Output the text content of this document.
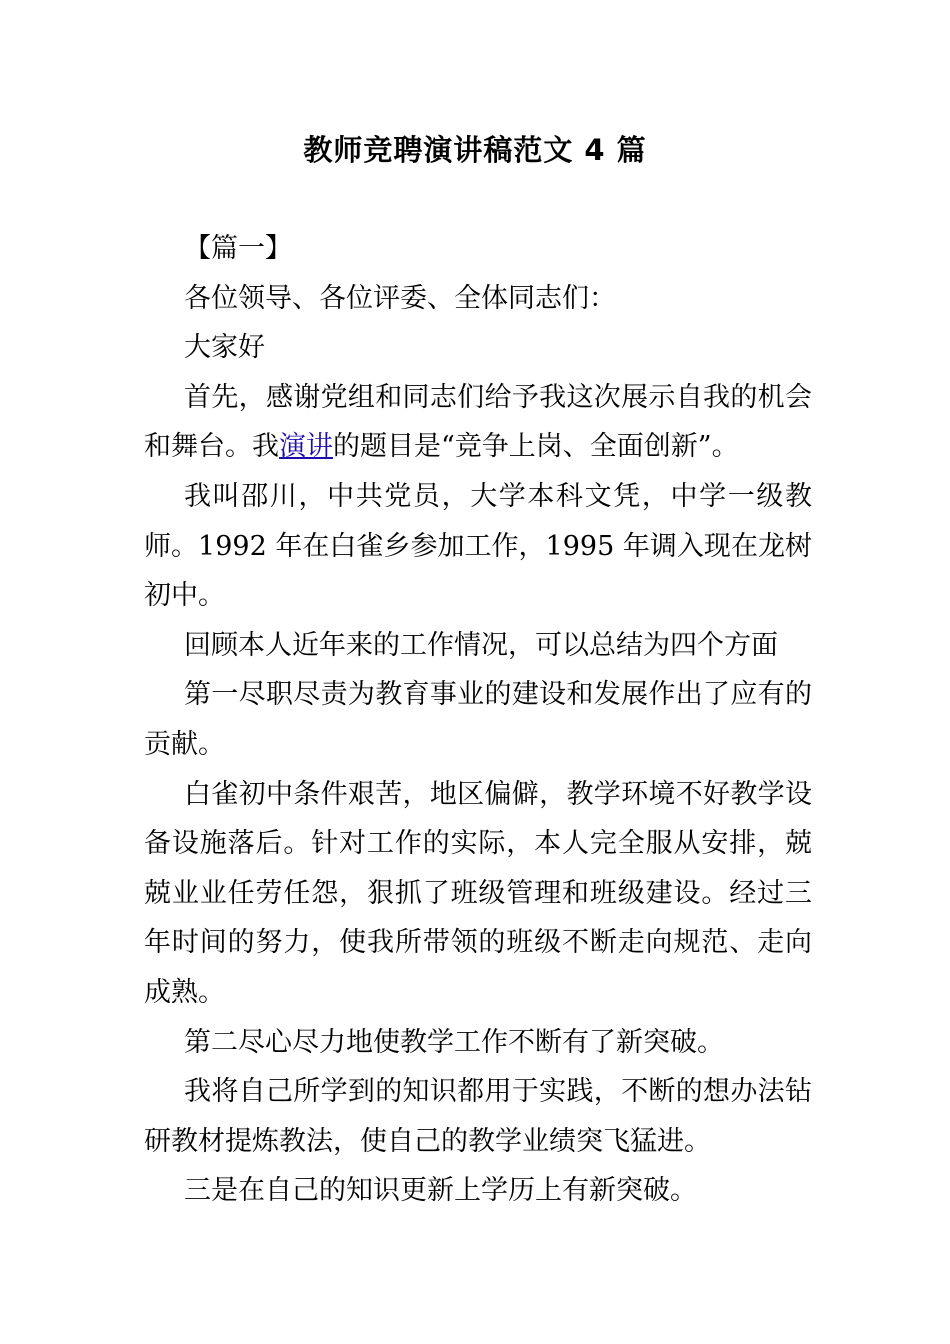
教师竞聘演讲稿范文 4 篇

【篇一】

各位领导、各位评委、全体同志们：

大家好

首先，感谢党组和同志们给予我这次展示自我的机会和舞台。我演讲的题目是“竞争上岗、全面创新”。

我叫邵川，中共党员，大学本科文凭，中学一级教师。1992 年在白雀乡参加工作，1995 年调入现在龙树初中。

回顾本人近年来的工作情况，可以总结为四个方面

第一尽职尽责为教育事业的建设和发展作出了应有的贡献。

白雀初中条件艰苦，地区偏僻，教学环境不好教学设备设施落后。针对工作的实际，本人完全服从安排，兢兢业业任劳任怨，狠抓了班级管理和班级建设。经过三年时间的努力，使我所带领的班级不断走向规范、走向成熟。

第二尽心尽力地使教学工作不断有了新突破。

我将自己所学到的知识都用于实践，不断的想办法钻研教材提炼教法，使自己的教学业绩突飞猛进。

三是在自己的知识更新上学历上有新突破。
